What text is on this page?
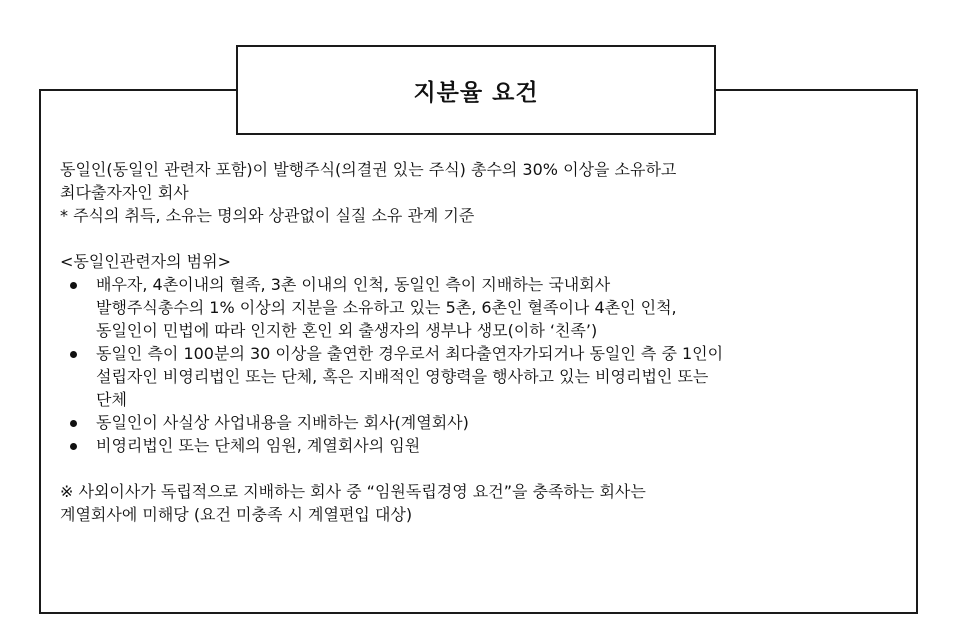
지분율 요건

동일인(동일인 관련자 포함)이 발행주식(의결권 있는 주식) 총수의 30% 이상을 소유하고

최다출자자인 회사

* 주식의 취득, 소유는 명의와 상관없이 실질 소유 관계 기준

<동일인관련자의 범위>

배우자, 4촌이내의 혈족, 3촌 이내의 인척, 동일인 측이 지배하는 국내회사
발행주식총수의 1% 이상의 지분을 소유하고 있는 5촌, 6촌인 혈족이나 4촌인 인척,
동일인이 민법에 따라 인지한 혼인 외 출생자의 생부나 생모(이하 ‘친족’)
동일인 측이 100분의 30 이상을 출연한 경우로서 최다출연자가되거나 동일인 측 중 1인이
설립자인 비영리법인 또는 단체, 혹은 지배적인 영향력을 행사하고 있는 비영리법인 또는
단체
동일인이 사실상 사업내용을 지배하는 회사(계열회사)
비영리법인 또는 단체의 임원, 계열회사의 임원

※ 사외이사가 독립적으로 지배하는 회사 중 “임원독립경영 요건”을 충족하는 회사는

계열회사에 미해당 (요건 미충족 시 계열편입 대상)
